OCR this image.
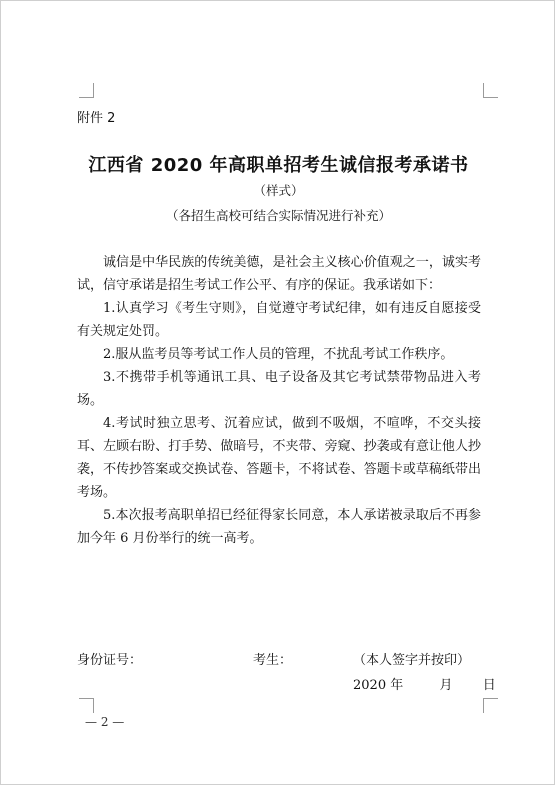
附件 2
江西省 2020 年高职单招考生诚信报考承诺书
（样式）
（各招生高校可结合实际情况进行补充）

诚信是中华民族的传统美德，是社会主义核心价值观之一，诚实考试，信守承诺是招生考试工作公平、有序的保证。我承诺如下：

1.认真学习《考生守则》，自觉遵守考试纪律，如有违反自愿接受有关规定处罚。

2.服从监考员等考试工作人员的管理，不扰乱考试工作秩序。

3.不携带手机等通讯工具、电子设备及其它考试禁带物品进入考场。

4.考试时独立思考、沉着应试，做到不吸烟，不喧哗，不交头接耳、左顾右盼、打手势、做暗号，不夹带、旁窥、抄袭或有意让他人抄袭，不传抄答案或交换试卷、答题卡，不将试卷、答题卡或草稿纸带出考场。

5.本次报考高职单招已经征得家长同意，本人承诺被录取后不再参加今年 6 月份举行的统一高考。

身份证号：	考生：	（本人签字并按印）
2020 年	月 日
— 2 —
